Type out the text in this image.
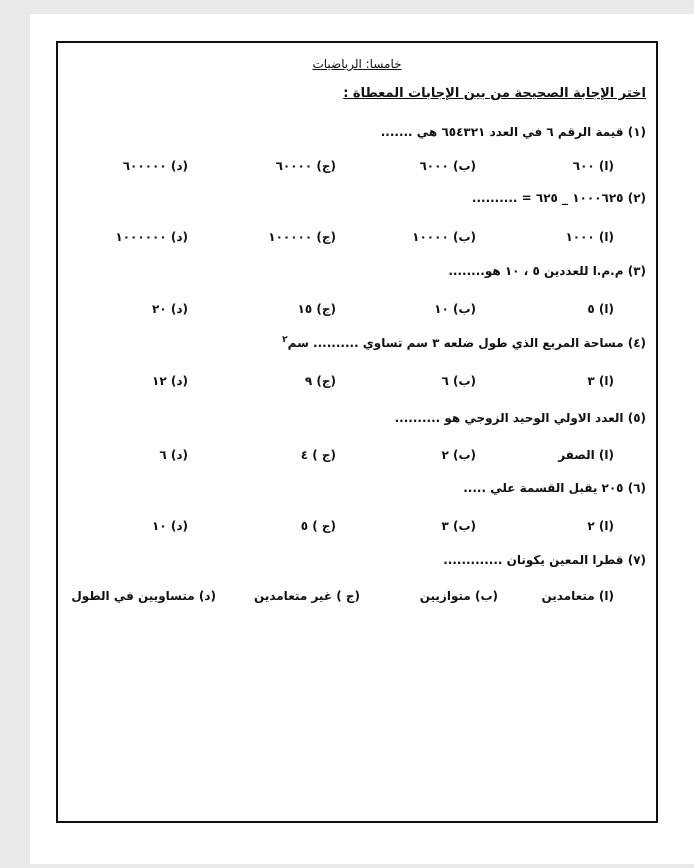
خامسا: الرياضيات
اختر الإجابة الصحيحة من بين الإجابات المعطاة :
(١) قيمة الرقم ٦ في العدد ٦٥٤٣٢١ هي .......
(ا) ٦٠٠
(ب) ٦٠٠٠
(ج) ٦٠٠٠٠
(د) ٦٠٠٠٠٠
(٢) ١٠٠٠٦٢٥ _ ٦٢٥ = ..........
(ا) ١٠٠٠
(ب) ١٠٠٠٠
(ج) ١٠٠٠٠٠
(د) ١٠٠٠٠٠٠
(٣) م.م.ا للعددين ٥ ، ١٠ هو........
(ا) ٥
(ب) ١٠
(ج) ١٥
(د) ٢٠
(٤) مساحة المربع الذي طول ضلعه ٣ سم تساوي .......... سم$^٢$
(ا) ٣
(ب) ٦
(ج) ٩
(د) ١٢
(٥) العدد الاولي الوحيد الزوجي هو ..........
(ا) الصفر
(ب) ٢
(ج ) ٤
(د) ٦
(٦) ٢٠٥ يقبل القسمة علي .....
(ا) ٢
(ب) ٣
(ج ) ٥
(د) ١٠
(٧) قطرا المعين يكونان .............
(ا) متعامدين
(ب) متوازيين
(ج ) غير متعامدين
(د) متساويين في الطول
